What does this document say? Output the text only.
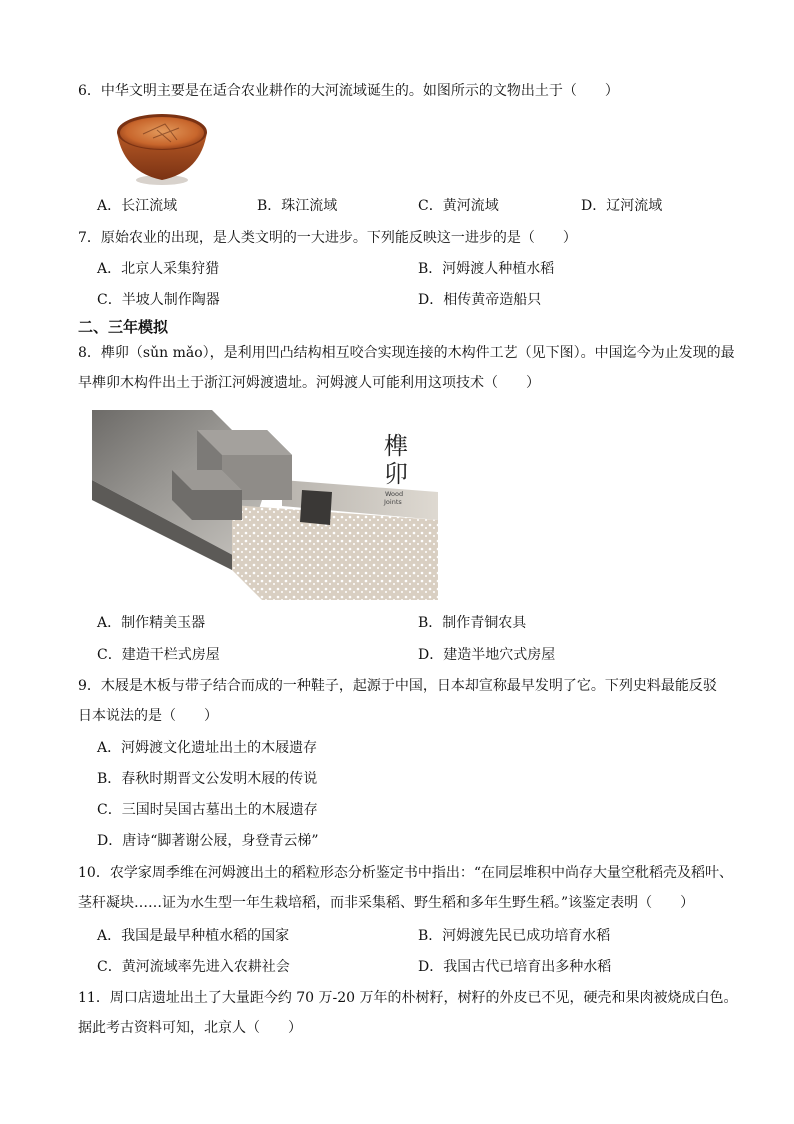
6．中华文明主要是在适合农业耕作的大河流域诞生的。如图所示的文物出土于（　　）
A．长江流域	B．珠江流域	C．黄河流域	D．辽河流域
7．原始农业的出现，是人类文明的一大进步。下列能反映这一进步的是（　　）
A．北京人采集狩猎	B．河姆渡人种植水稻
C．半坡人制作陶器	D．相传黄帝造船只
二、三年模拟
8．榫卯（sǔn mǎo），是利用凹凸结构相互咬合实现连接的木构件工艺（见下图）。中国迄今为止发现的最
早榫卯木构件出土于浙江河姆渡遗址。河姆渡人可能利用这项技术（　　）
榫
卯
Wood
Joints
A．制作精美玉器	B．制作青铜农具
C．建造干栏式房屋	D．建造半地穴式房屋
9．木屐是木板与带子结合而成的一种鞋子，起源于中国，日本却宣称最早发明了它。下列史料最能反驳
日本说法的是（　　）
A．河姆渡文化遗址出土的木屐遗存
B．春秋时期晋文公发明木屐的传说
C．三国时吴国古墓出土的木屐遗存
D．唐诗“脚著谢公屐，身登青云梯”
10．农学家周季维在河姆渡出土的稻粒形态分析鉴定书中指出：“在同层堆积中尚存大量空秕稻壳及稻叶、
茎秆凝块……证为水生型一年生栽培稻，而非采集稻、野生稻和多年生野生稻。”该鉴定表明（　　）
A．我国是最早种植水稻的国家	B．河姆渡先民已成功培育水稻
C．黄河流域率先进入农耕社会	D．我国古代已培育出多种水稻
11．周口店遗址出土了大量距今约 70 万-20 万年的朴树籽，树籽的外皮已不见，硬壳和果肉被烧成白色。
据此考古资料可知，北京人（　　）
